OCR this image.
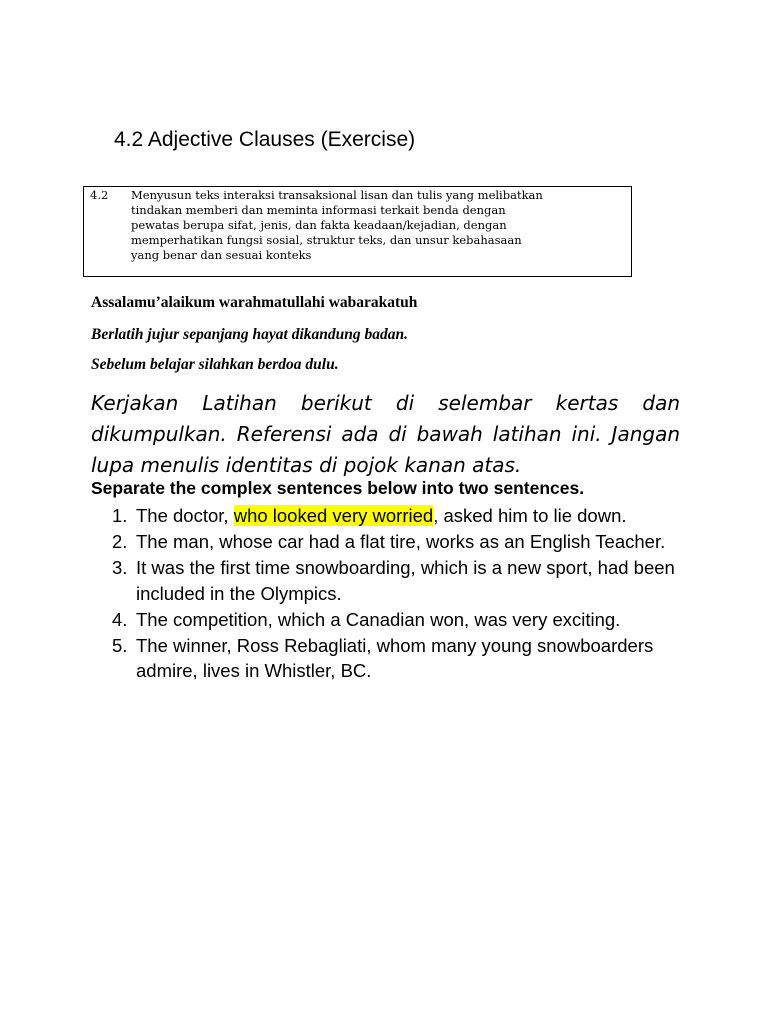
4.2 Adjective Clauses (Exercise)
4.2 Menyusun teks interaksi transaksional lisan dan tulis yang melibatkan
tindakan memberi dan meminta informasi terkait benda dengan
pewatas berupa sifat, jenis, dan fakta keadaan/kejadian, dengan
memperhatikan fungsi sosial, struktur teks, dan unsur kebahasaan
yang benar dan sesuai konteks
Assalamu’alaikum warahmatullahi wabarakatuh
Berlatih jujur sepanjang hayat dikandung badan.
Sebelum belajar silahkan berdoa dulu.
Kerjakan Latihan berikut di selembar kertas dan dikumpulkan. Referensi ada di bawah latihan ini. Jangan lupa menulis identitas di pojok kanan atas.
Separate the complex sentences below into two sentences.
1. The doctor, who looked very worried, asked him to lie down.
2. The man, whose car had a flat tire, works as an English Teacher.
3. It was the first time snowboarding, which is a new sport, had been included in the Olympics.
4. The competition, which a Canadian won, was very exciting.
5. The winner, Ross Rebagliati, whom many young snowboarders admire, lives in Whistler, BC.
